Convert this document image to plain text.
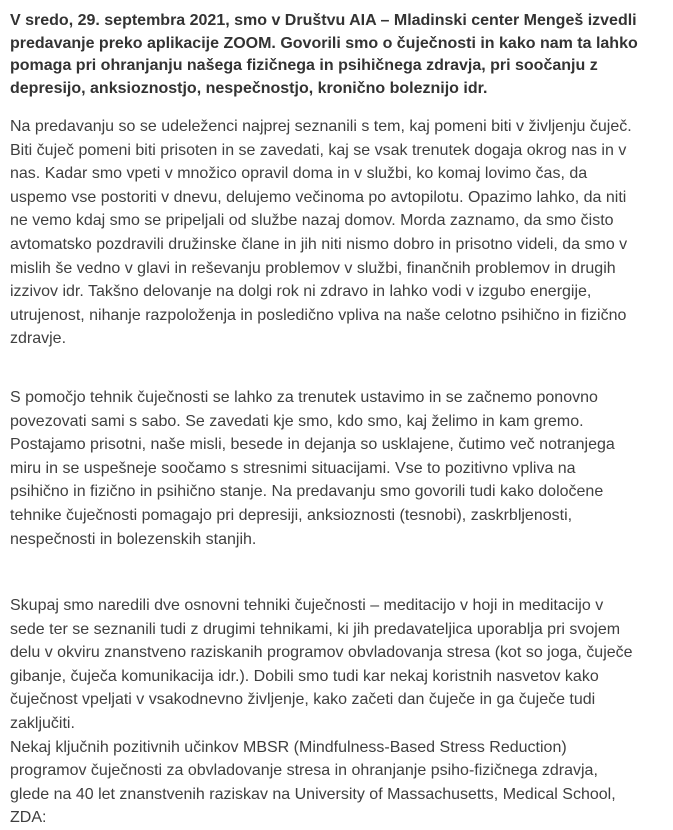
V sredo, 29. septembra 2021, smo v Društvu AIA – Mladinski center Mengeš izvedli
predavanje preko aplikacije ZOOM. Govorili smo o čuječnosti in kako nam ta lahko
pomaga pri ohranjanju našega fizičnega in psihičnega zdravja, pri soočanju z
depresijo, anksioznostjo, nespečnostjo, kronično boleznijo idr.

Na predavanju so se udeleženci najprej seznanili s tem, kaj pomeni biti v življenju čuječ.
Biti čuječ pomeni biti prisoten in se zavedati, kaj se vsak trenutek dogaja okrog nas in v
nas. Kadar smo vpeti v množico opravil doma in v službi, ko komaj lovimo čas, da
uspemo vse postoriti v dnevu, delujemo večinoma po avtopilotu. Opazimo lahko, da niti
ne vemo kdaj smo se pripeljali od službe nazaj domov. Morda zaznamo, da smo čisto
avtomatsko pozdravili družinske člane in jih niti nismo dobro in prisotno videli, da smo v
mislih še vedno v glavi in reševanju problemov v službi, finančnih problemov in drugih
izzivov idr. Takšno delovanje na dolgi rok ni zdravo in lahko vodi v izgubo energije,
utrujenost, nihanje razpoloženja in posledično vpliva na naše celotno psihično in fizično
zdravje.

S pomočjo tehnik čuječnosti se lahko za trenutek ustavimo in se začnemo ponovno
povezovati sami s sabo. Se zavedati kje smo, kdo smo, kaj želimo in kam gremo.
Postajamo prisotni, naše misli, besede in dejanja so usklajene, čutimo več notranjega
miru in se uspešneje soočamo s stresnimi situacijami. Vse to pozitivno vpliva na
psihično in fizično in psihično stanje. Na predavanju smo govorili tudi kako določene
tehnike čuječnosti pomagajo pri depresiji, anksioznosti (tesnobi), zaskrbljenosti,
nespečnosti in bolezenskih stanjih.

Skupaj smo naredili dve osnovni tehniki čuječnosti – meditacijo v hoji in meditacijo v
sede ter se seznanili tudi z drugimi tehnikami, ki jih predavateljica uporablja pri svojem
delu v okviru znanstveno raziskanih programov obvladovanja stresa (kot so joga, čuječe
gibanje, čuječa komunikacija idr.). Dobili smo tudi kar nekaj koristnih nasvetov kako
čuječnost vpeljati v vsakodnevno življenje, kako začeti dan čuječe in ga čuječe tudi
zaključiti.
Nekaj ključnih pozitivnih učinkov MBSR (Mindfulness-Based Stress Reduction)
programov čuječnosti za obvladovanje stresa in ohranjanje psiho-fizičnega zdravja,
glede na 40 let znanstvenih raziskav na University of Massachusetts, Medical School,
ZDA:
